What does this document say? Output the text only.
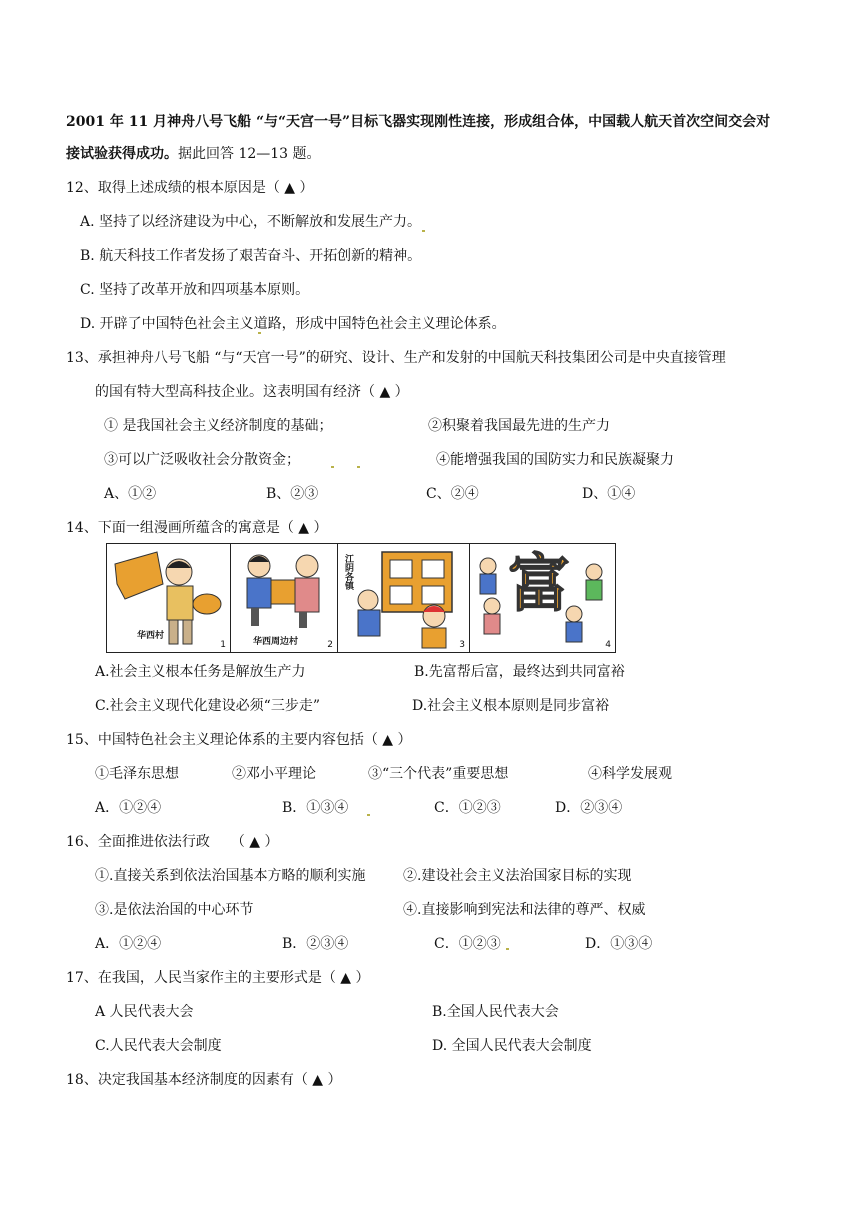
2001 年 11 月神舟八号飞船 “与“天宫一号”目标飞器实现刚性连接，形成组合体，中国载人航天首次空间交会对
接试验获得成功。据此回答 12—13 题。
12、取得上述成绩的根本原因是（ ▲ ）
A. 坚持了以经济建设为中心，不断解放和发展生产力。
B. 航天科技工作者发扬了艰苦奋斗、开拓创新的精神。
C. 坚持了改革开放和四项基本原则。
D. 开辟了中国特色社会主义道路，形成中国特色社会主义理论体系。
13、承担神舟八号飞船 “与“天宫一号”的研究、设计、生产和发射的中国航天科技集团公司是中央直接管理
的国有特大型高科技企业。这表明国有经济（ ▲ ）
① 是我国社会主义经济制度的基础；	②积聚着我国最先进的生产力
③可以广泛吸收社会分散资金；	④能增强我国的国防实力和民族凝聚力
A、①②	B、②③	C、②④	D、①④
14、下面一组漫画所蕴含的寓意是（ ▲ ）
华西村
1	华西周边村	2
江阴各镇
3
富
4
A.社会主义根本任务是解放生产力	B.先富帮后富，最终达到共同富裕
C.社会主义现代化建设必须“三步走”	D.社会主义根本原则是同步富裕
15、中国特色社会主义理论体系的主要内容包括（ ▲ ）
①毛泽东思想	②邓小平理论	③“三个代表”重要思想	④科学发展观
A．①②④	B．①③④	C．①②③	D．②③④
16、全面推进依法行政　　（ ▲ ）
①.直接关系到依法治国基本方略的顺利实施	②.建设社会主义法治国家目标的实现
③.是依法治国的中心环节	④.直接影响到宪法和法律的尊严、权威
A．①②④	B．②③④	C．①②③	D．①③④
17、在我国，人民当家作主的主要形式是（ ▲ ）
A 人民代表大会	B.全国人民代表大会
C.人民代表大会制度	D. 全国人民代表大会制度
18、决定我国基本经济制度的因素有（ ▲ ）
